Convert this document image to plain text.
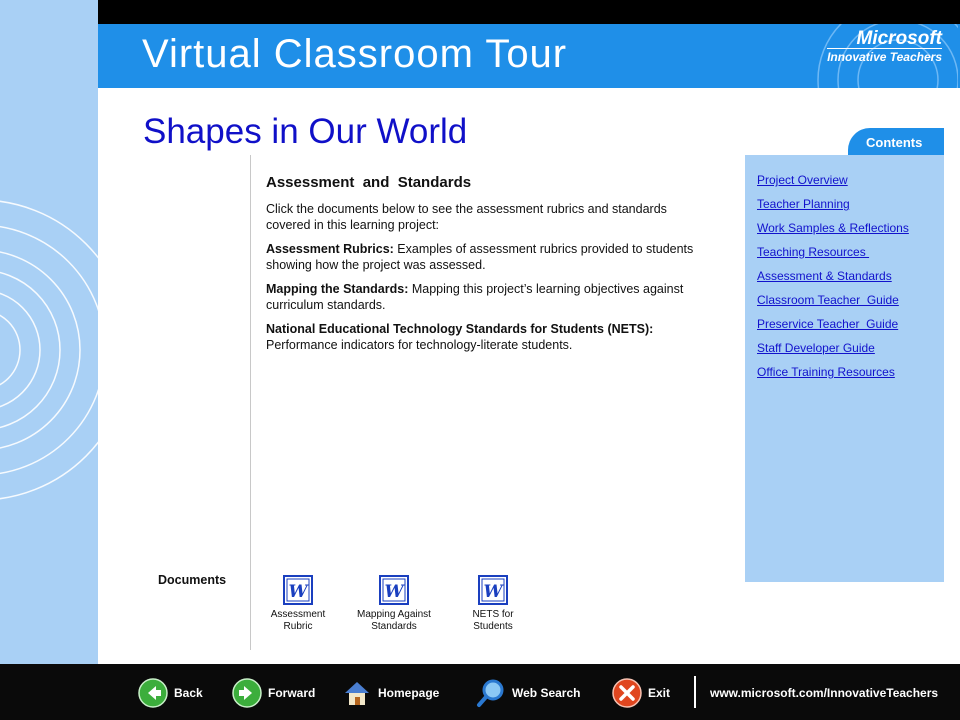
Virtual Classroom Tour	Microsoft
Innovative Teachers
Shapes in Our World
Assessment  and  Standards

Click the documents below to see the assessment rubrics and standards covered in this learning project:

Assessment Rubrics: Examples of assessment rubrics provided to students showing how the project was assessed.

Mapping the Standards: Mapping this project’s learning objectives against curriculum standards.

National Educational Technology Standards for Students (NETS): Performance indicators for technology-literate students.

Contents
Project Overview
Teacher Planning
Work Samples & Reflections
Teaching Resources
Assessment & Standards
Classroom Teacher  Guide
Preservice Teacher  Guide
Staff Developer Guide
Office Training Resources
Documents
W
Assessment
Rubric
W
Mapping Against
Standards
W
NETS for
Students
Back	Forward	Homepage	Web Search	Exit	www.microsoft.com/InnovativeTeachers
